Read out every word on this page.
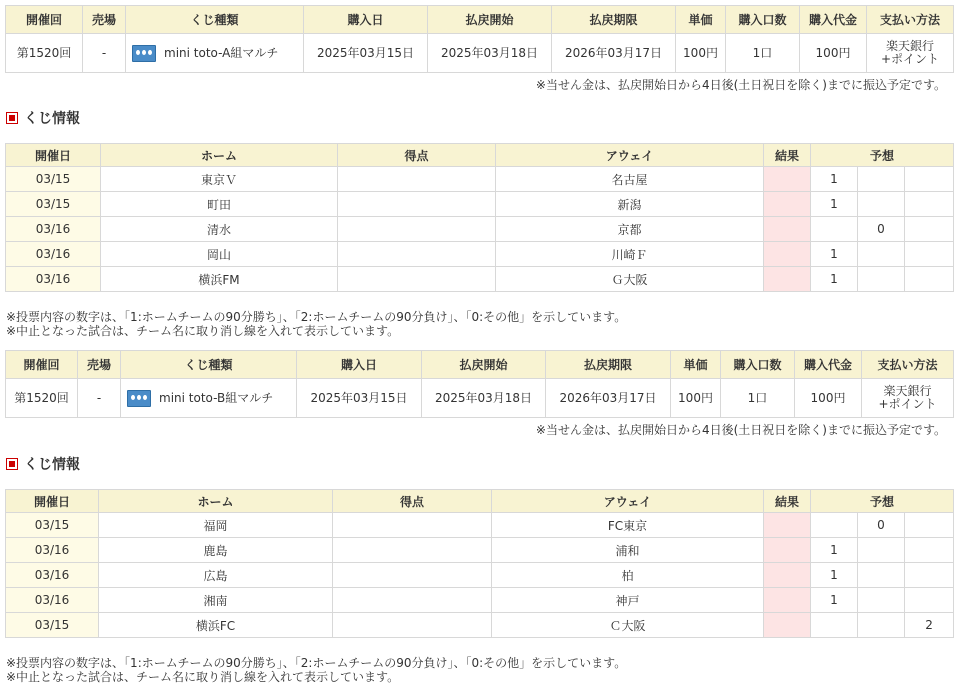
開催回	売場	くじ種類	購入日	払戻開始	払戻期限	単価	購入口数	購入代金	支払い方法
第1520回	-	mini toto-A組マルチ	2025年03月15日	2025年03月18日	2026年03月17日	100円	1口	100円	楽天銀行
+ポイント
※当せん金は、払戻開始日から4日後(土日祝日を除く)までに振込予定です。
くじ情報
開催日	ホーム	得点	アウェイ	結果	予想		
03/15	東京Ｖ		名古屋		1		
03/15	町田		新潟		1		
03/16	清水		京都			0	
03/16	岡山		川崎Ｆ		1		
03/16	横浜FM		Ｇ大阪		1		
※投票内容の数字は、「1:ホームチームの90分勝ち」、「2:ホームチームの90分負け」、「0:その他」を示しています。
※中止となった試合は、チーム名に取り消し線を入れて表示しています。
開催回	売場	くじ種類	購入日	払戻開始	払戻期限	単価	購入口数	購入代金	支払い方法
第1520回	-	mini toto-B組マルチ	2025年03月15日	2025年03月18日	2026年03月17日	100円	1口	100円	楽天銀行
+ポイント
※当せん金は、払戻開始日から4日後(土日祝日を除く)までに振込予定です。
くじ情報
開催日	ホーム	得点	アウェイ	結果	予想		
03/15	福岡		FC東京			0	
03/16	鹿島		浦和		1		
03/16	広島		柏		1		
03/16	湘南		神戸		1		
03/15	横浜FC		Ｃ大阪				2
※投票内容の数字は、「1:ホームチームの90分勝ち」、「2:ホームチームの90分負け」、「0:その他」を示しています。
※中止となった試合は、チーム名に取り消し線を入れて表示しています。
